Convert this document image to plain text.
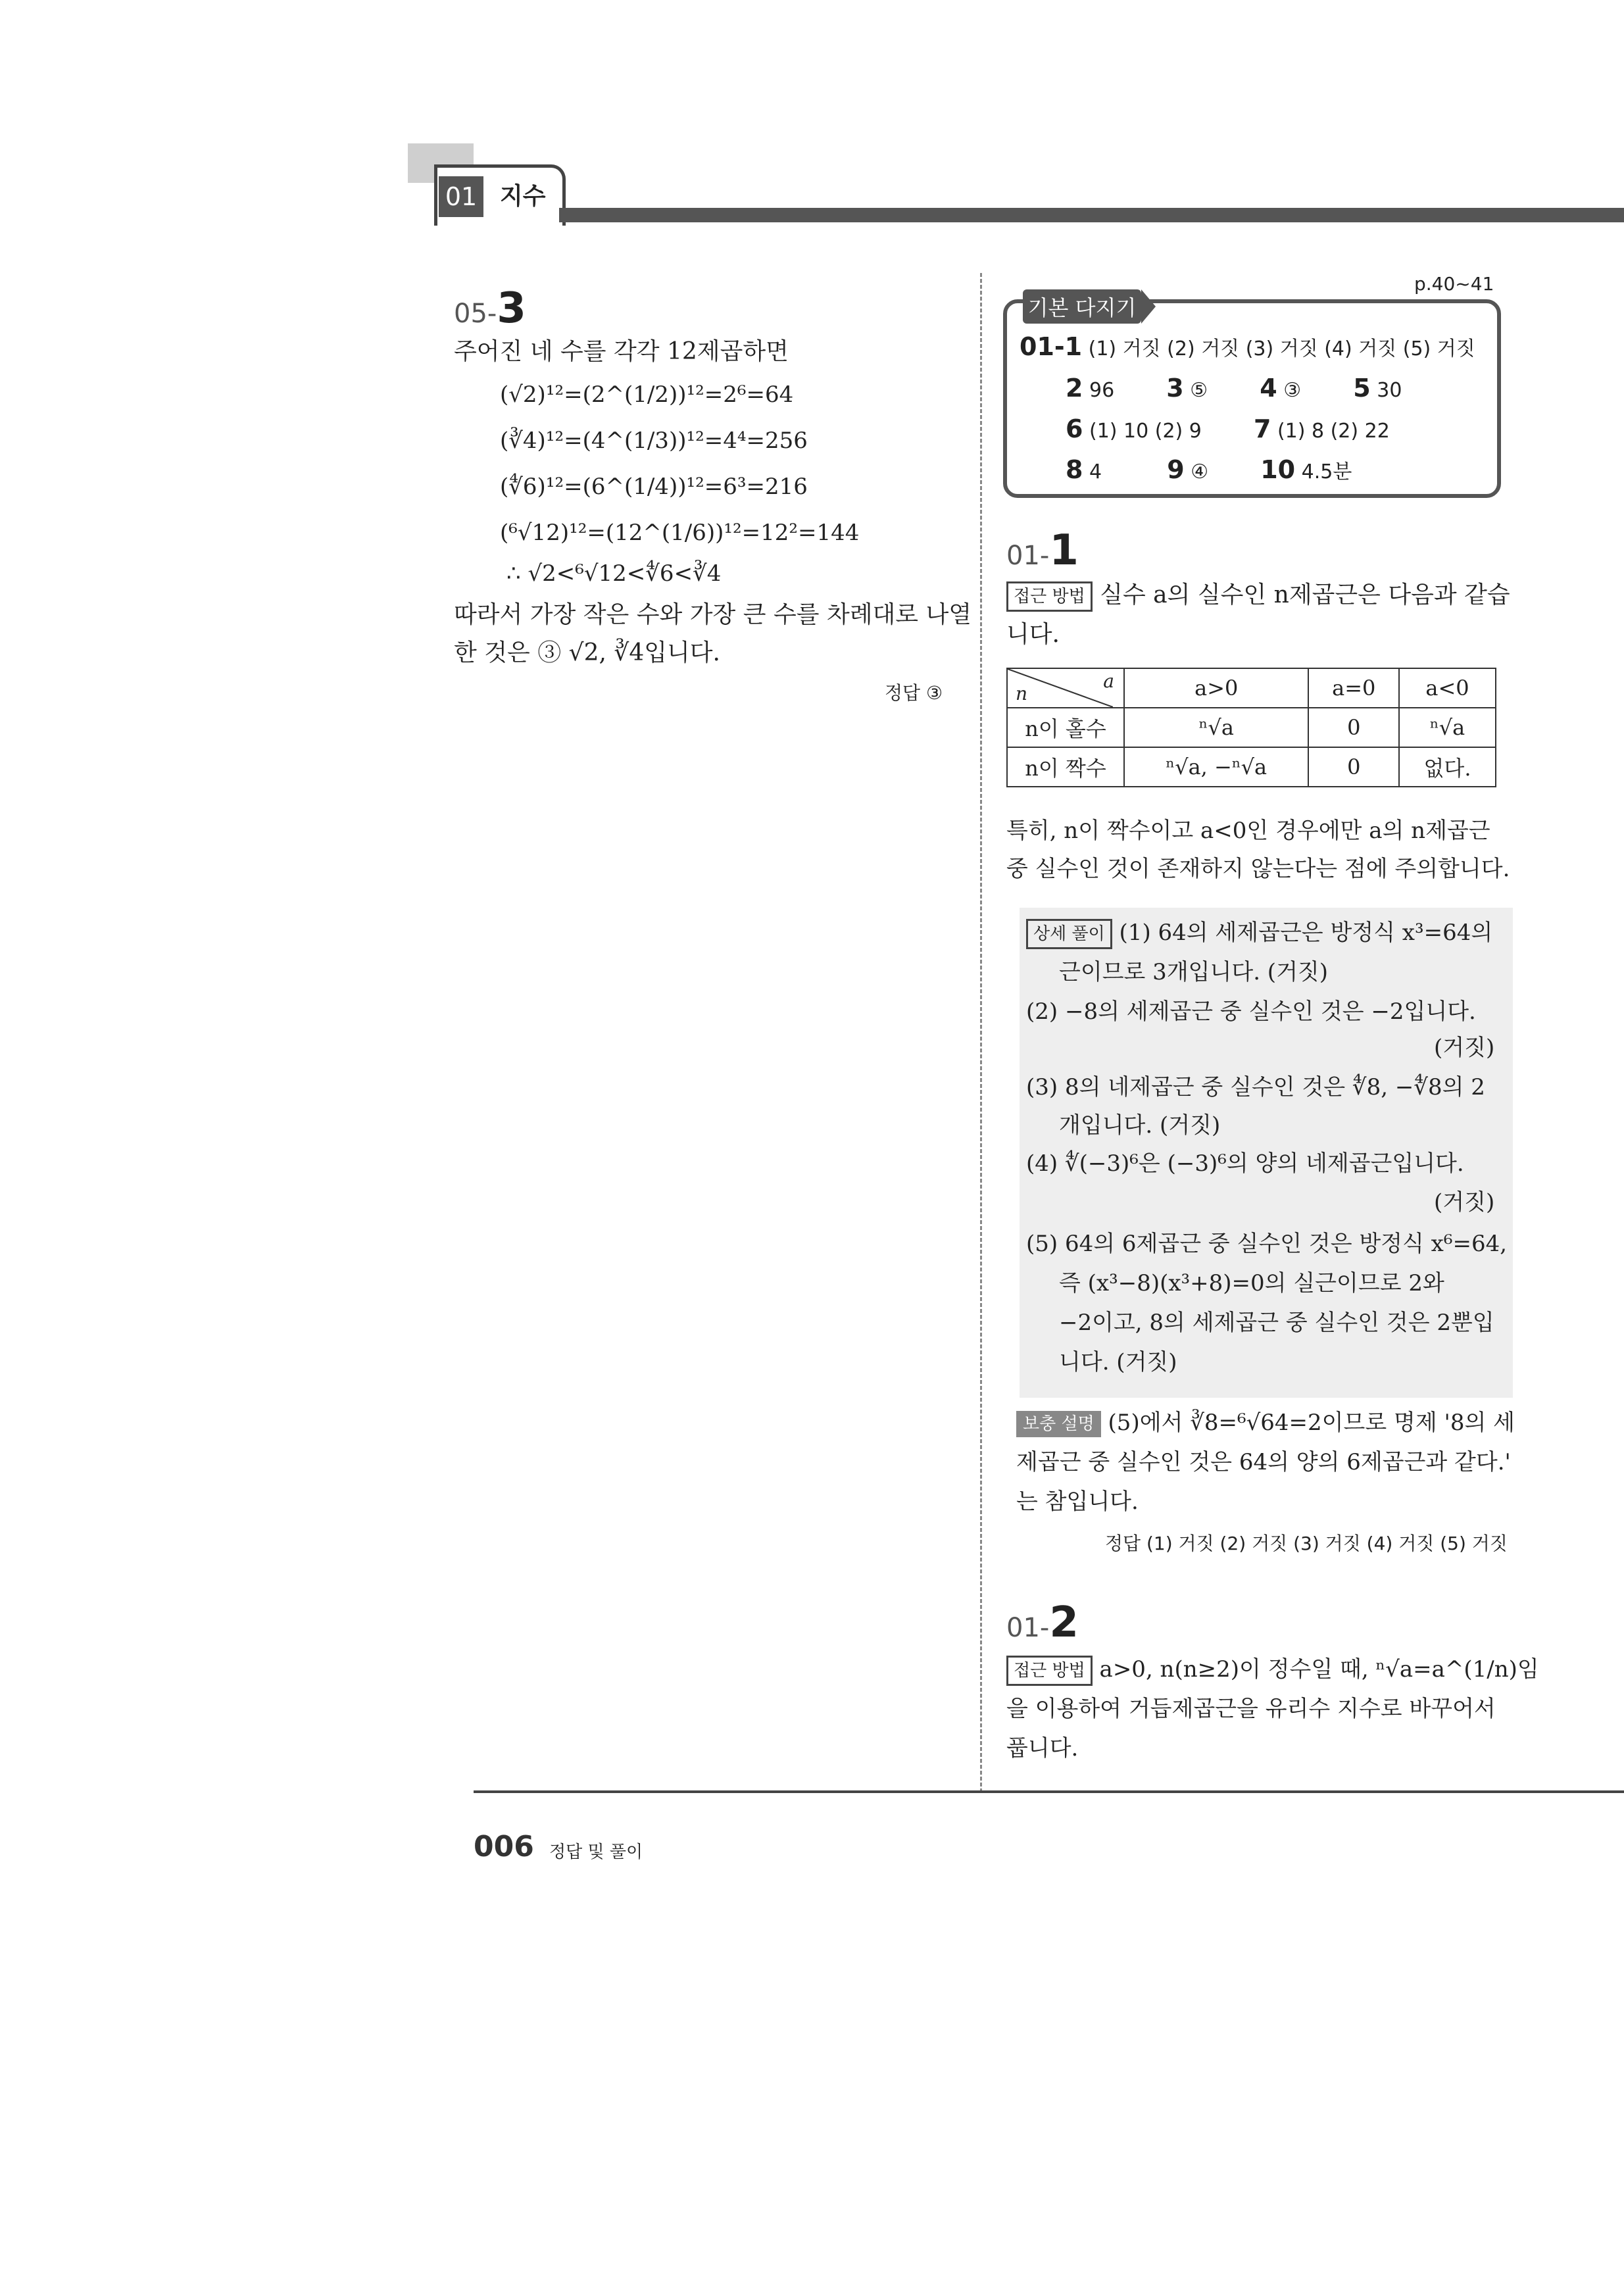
01 지수
05-3
주어진 네 수를 각각 12제곱하면
(√2)¹²=(2^(1/2))¹²=2⁶=64
(∛4)¹²=(4^(1/3))¹²=4⁴=256
(∜6)¹²=(6^(1/4))¹²=6³=216
(⁶√12)¹²=(12^(1/6))¹²=12²=144
∴ √2<⁶√12<∜6<∛4
따라서 가장 작은 수와 가장 큰 수를 차례대로 나열
한 것은 ③ √2, ∛4입니다.
정답 ③
p.40~41
기본 다지기
01-1 (1) 거짓 (2) 거짓 (3) 거짓 (4) 거짓 (5) 거짓
2 96 3 ⑤ 4 ③ 5 30
6 (1) 10 (2) 9 7 (1) 8 (2) 22
8 4	9 ④ 10 4.5분
01-1
접근 방법 실수 a의 실수인 n제곱근은 다음과 같습
니다.
n
a	a>0	a=0	a<0
n이 홀수	ⁿ√a	0	ⁿ√a
n이 짝수	ⁿ√a, −ⁿ√a	0	없다.
특히, n이 짝수이고 a<0인 경우에만 a의 n제곱근
중 실수인 것이 존재하지 않는다는 점에 주의합니다.
상세 풀이 (1) 64의 세제곱근은 방정식 x³=64의
근이므로 3개입니다. (거짓)
(2) −8의 세제곱근 중 실수인 것은 −2입니다.
(거짓)
(3) 8의 네제곱근 중 실수인 것은 ∜8, −∜8의 2
개입니다. (거짓)
(4) ∜(−3)⁶은 (−3)⁶의 양의 네제곱근입니다.
(거짓)
(5) 64의 6제곱근 중 실수인 것은 방정식 x⁶=64,
즉 (x³−8)(x³+8)=0의 실근이므로 2와
−2이고, 8의 세제곱근 중 실수인 것은 2뿐입
니다. (거짓)
보충 설명 (5)에서 ∛8=⁶√64=2이므로 명제 '8의 세
제곱근 중 실수인 것은 64의 양의 6제곱근과 같다.'
는 참입니다.
정답 (1) 거짓 (2) 거짓 (3) 거짓 (4) 거짓 (5) 거짓
01-2
접근 방법 a>0, n(n≥2)이 정수일 때, ⁿ√a=a^(1/n)임
을 이용하여 거듭제곱근을 유리수 지수로 바꾸어서
풉니다.
006 정답 및 풀이
